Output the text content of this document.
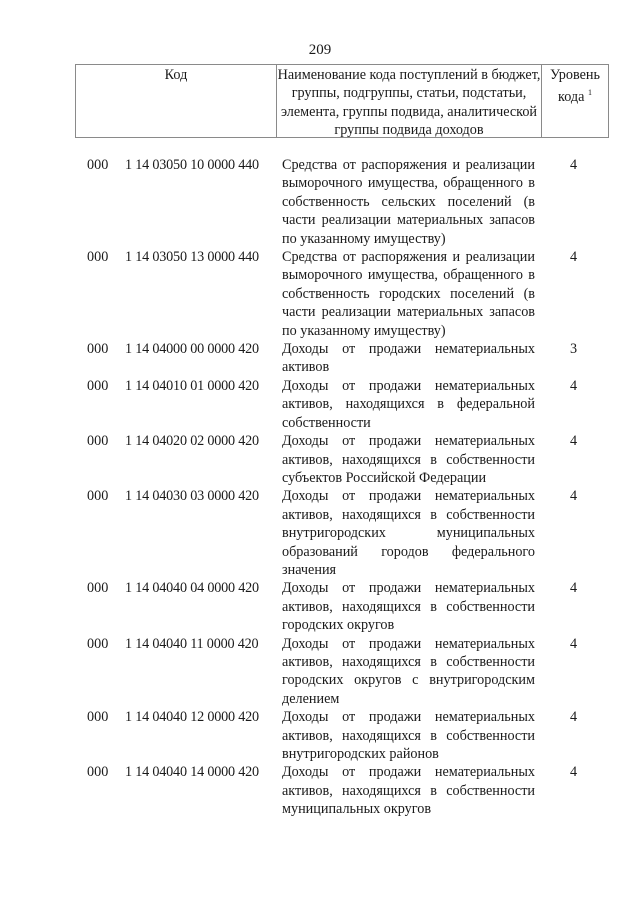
209
Код	Наименование кода поступлений в бюджет, группы, подгруппы, статьи, подстатьи, элемента, группы подвида, аналитической группы подвида доходов
Уровень кода $^1$
000 1 14 03050 10 0000 440 Средства от распоряжения и реализации выморочного имущества, обращенного в собственность сельских поселений (в части реализации материальных запасов по указанному имуществу)
4
000 1 14 03050 13 0000 440 Средства от распоряжения и реализации выморочного имущества, обращенного в собственность городских поселений (в части реализации материальных запасов по указанному имуществу)
4
000 1 14 04000 00 0000 420 Доходы от продажи нематериальных активов
3
000 1 14 04010 01 0000 420 Доходы от продажи нематериальных активов, находящихся в федеральной собственности
4
000 1 14 04020 02 0000 420 Доходы от продажи нематериальных активов, находящихся в собственности субъектов Российской Федерации
4
000 1 14 04030 03 0000 420 Доходы от продажи нематериальных активов, находящихся в собственности внутригородских муниципальных образований городов федерального значения
4
000 1 14 04040 04 0000 420 Доходы от продажи нематериальных активов, находящихся в собственности городских округов
4
000 1 14 04040 11 0000 420 Доходы от продажи нематериальных активов, находящихся в собственности городских округов с внутригородским делением
4
000 1 14 04040 12 0000 420 Доходы от продажи нематериальных активов, находящихся в собственности внутригородских районов
4
000 1 14 04040 14 0000 420 Доходы от продажи нематериальных активов, находящихся в собственности муниципальных округов
4
